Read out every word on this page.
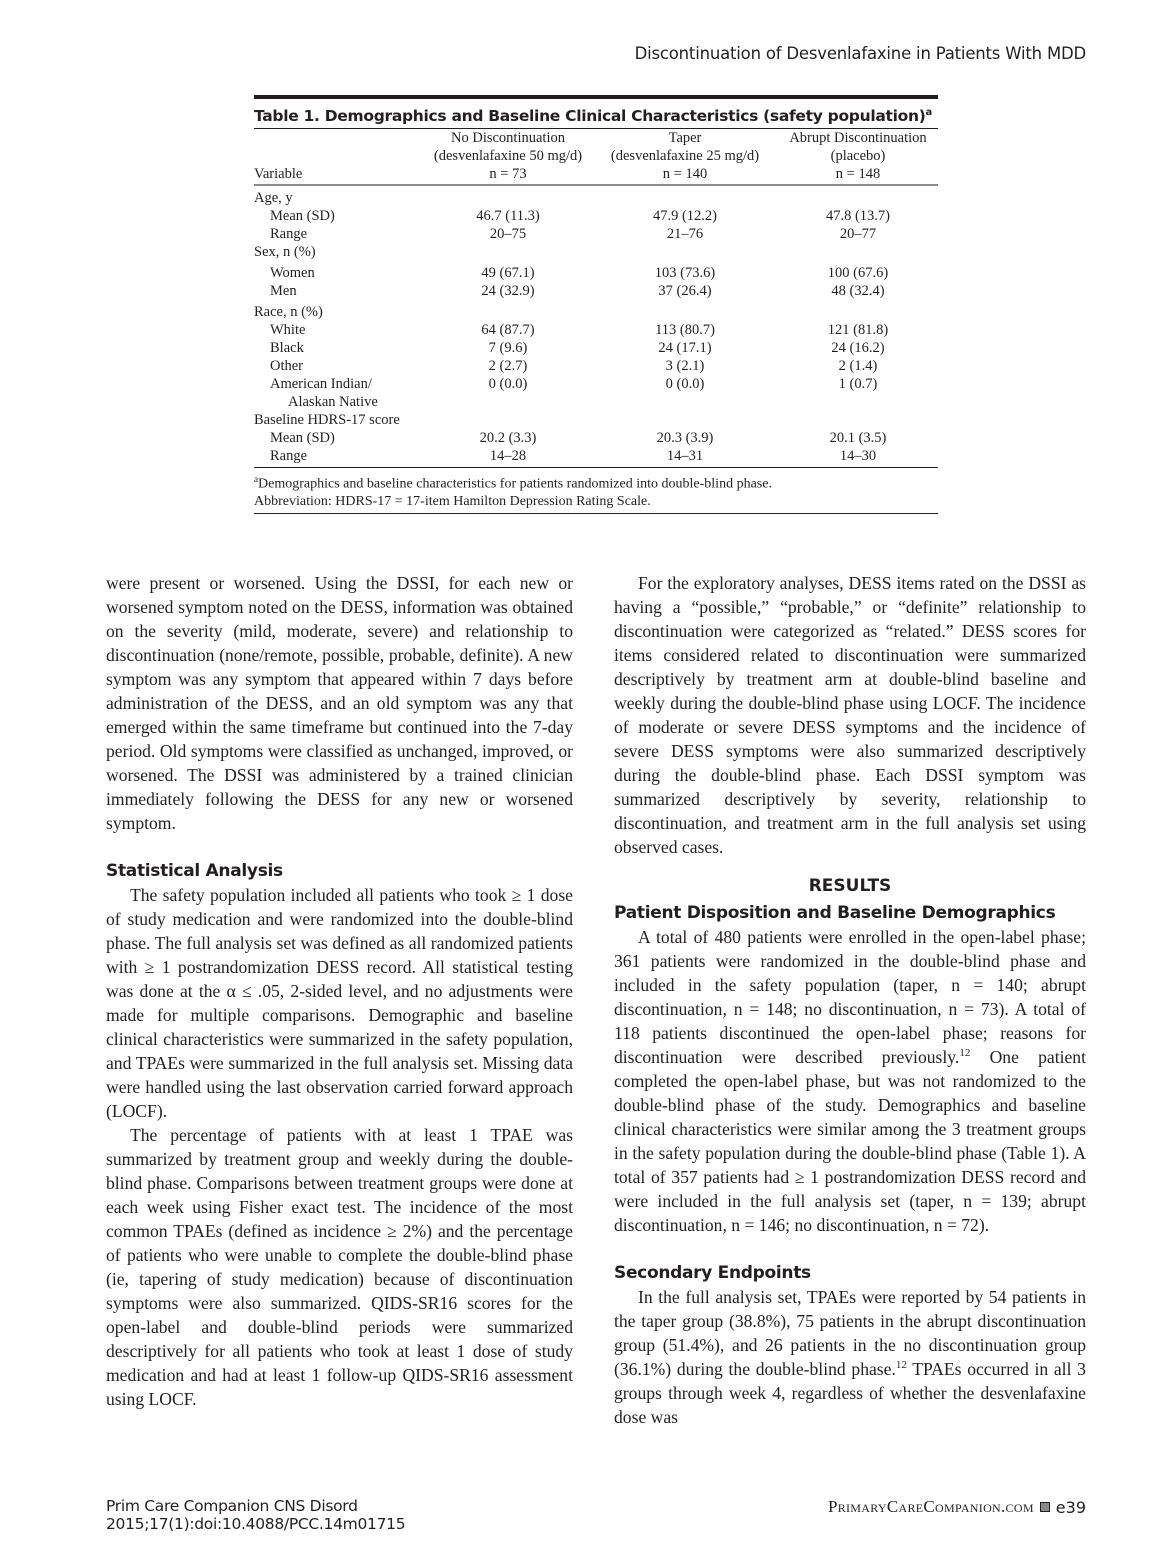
Discontinuation of Desvenlafaxine in Patients With MDD
Table 1. Demographics and Baseline Clinical Characteristics (safety population)$^a$
	No Discontinuation	Taper	Abrupt Discontinuation
	(desvenlafaxine 50 mg/d)	(desvenlafaxine 25 mg/d)	(placebo)
Variable	n = 73	n = 140	n = 148
Age, y			
Mean (SD)	46.7 (11.3)	47.9 (12.2)	47.8 (13.7)
Range	20–75	21–76	20–77
Sex, n (%)			
Women	49 (67.1)	103 (73.6)	100 (67.6)
Men	24 (32.9)	37 (26.4)	48 (32.4)
Race, n (%)			
White	64 (87.7)	113 (80.7)	121 (81.8)
Black	7 (9.6)	24 (17.1)	24 (16.2)
Other	2 (2.7)	3 (2.1)	2 (1.4)
American Indian/	0 (0.0)	0 (0.0)	1 (0.7)
Alaskan Native			
Baseline HDRS-17 score			
Mean (SD)	20.2 (3.3)	20.3 (3.9)	20.1 (3.5)
Range	14–28	14–31	14–30
$^a$Demographics and baseline characteristics for patients randomized into double-blind phase.
Abbreviation: HDRS-17 = 17-item Hamilton Depression Rating Scale.

were present or worsened. Using the DSSI, for each new or worsened symptom noted on the DESS, information was obtained on the severity (mild, moderate, severe) and relationship to discontinuation (none/remote, possible, probable, definite). A new symptom was any symptom that appeared within 7 days before administration of the DESS, and an old symptom was any that emerged within the same timeframe but continued into the 7-day period. Old symptoms were classified as unchanged, improved, or worsened. The DSSI was administered by a trained clinician immediately following the DESS for any new or worsened symptom.

Statistical Analysis

The safety population included all patients who took ≥ 1 dose of study medication and were randomized into the double-blind phase. The full analysis set was defined as all randomized patients with ≥ 1 postrandomization DESS record. All statistical testing was done at the α ≤ .05, 2-sided level, and no adjustments were made for multiple comparisons. Demographic and baseline clinical characteristics were summarized in the safety population, and TPAEs were summarized in the full analysis set. Missing data were handled using the last observation carried forward approach (LOCF).

The percentage of patients with at least 1 TPAE was summarized by treatment group and weekly during the double-blind phase. Comparisons between treatment groups were done at each week using Fisher exact test. The incidence of the most common TPAEs (defined as incidence ≥ 2%) and the percentage of patients who were unable to complete the double-blind phase (ie, tapering of study medication) because of discontinuation symptoms were also summarized. QIDS-SR16 scores for the open-label and double-blind periods were summarized descriptively for all patients who took at least 1 dose of study medication and had at least 1 follow-up QIDS-SR16 assessment using LOCF.

For the exploratory analyses, DESS items rated on the DSSI as having a “possible,” “probable,” or “definite” relationship to discontinuation were categorized as “related.” DESS scores for items considered related to discontinuation were summarized descriptively by treatment arm at double-blind baseline and weekly during the double-blind phase using LOCF. The incidence of moderate or severe DESS symptoms and the incidence of severe DESS symptoms were also summarized descriptively during the double-blind phase. Each DSSI symptom was summarized descriptively by severity, relationship to discontinuation, and treatment arm in the full analysis set using observed cases.

RESULTS
Patient Disposition and Baseline Demographics

A total of 480 patients were enrolled in the open-label phase; 361 patients were randomized in the double-blind phase and included in the safety population (taper, n = 140; abrupt discontinuation, n = 148; no discontinuation, n = 73). A total of 118 patients discontinued the open-label phase; reasons for discontinuation were described previously.$^{12}$ One patient completed the open-label phase, but was not randomized to the double-blind phase of the study. Demographics and baseline clinical characteristics were similar among the 3 treatment groups in the safety population during the double-blind phase (Table 1). A total of 357 patients had ≥ 1 postrandomization DESS record and were included in the full analysis set (taper, n = 139; abrupt discontinuation, n = 146; no discontinuation, n = 72).

Secondary Endpoints

In the full analysis set, TPAEs were reported by 54 patients in the taper group (38.8%), 75 patients in the abrupt discontinuation group (51.4%), and 26 patients in the no discontinuation group (36.1%) during the double-blind phase.$^{12}$ TPAEs occurred in all 3 groups through week 4, regardless of whether the desvenlafaxine dose was

Prim Care Companion CNS Disord
2015;17(1):doi:10.4088/PCC.14m01715
PrimaryCareCompanion.com e39
